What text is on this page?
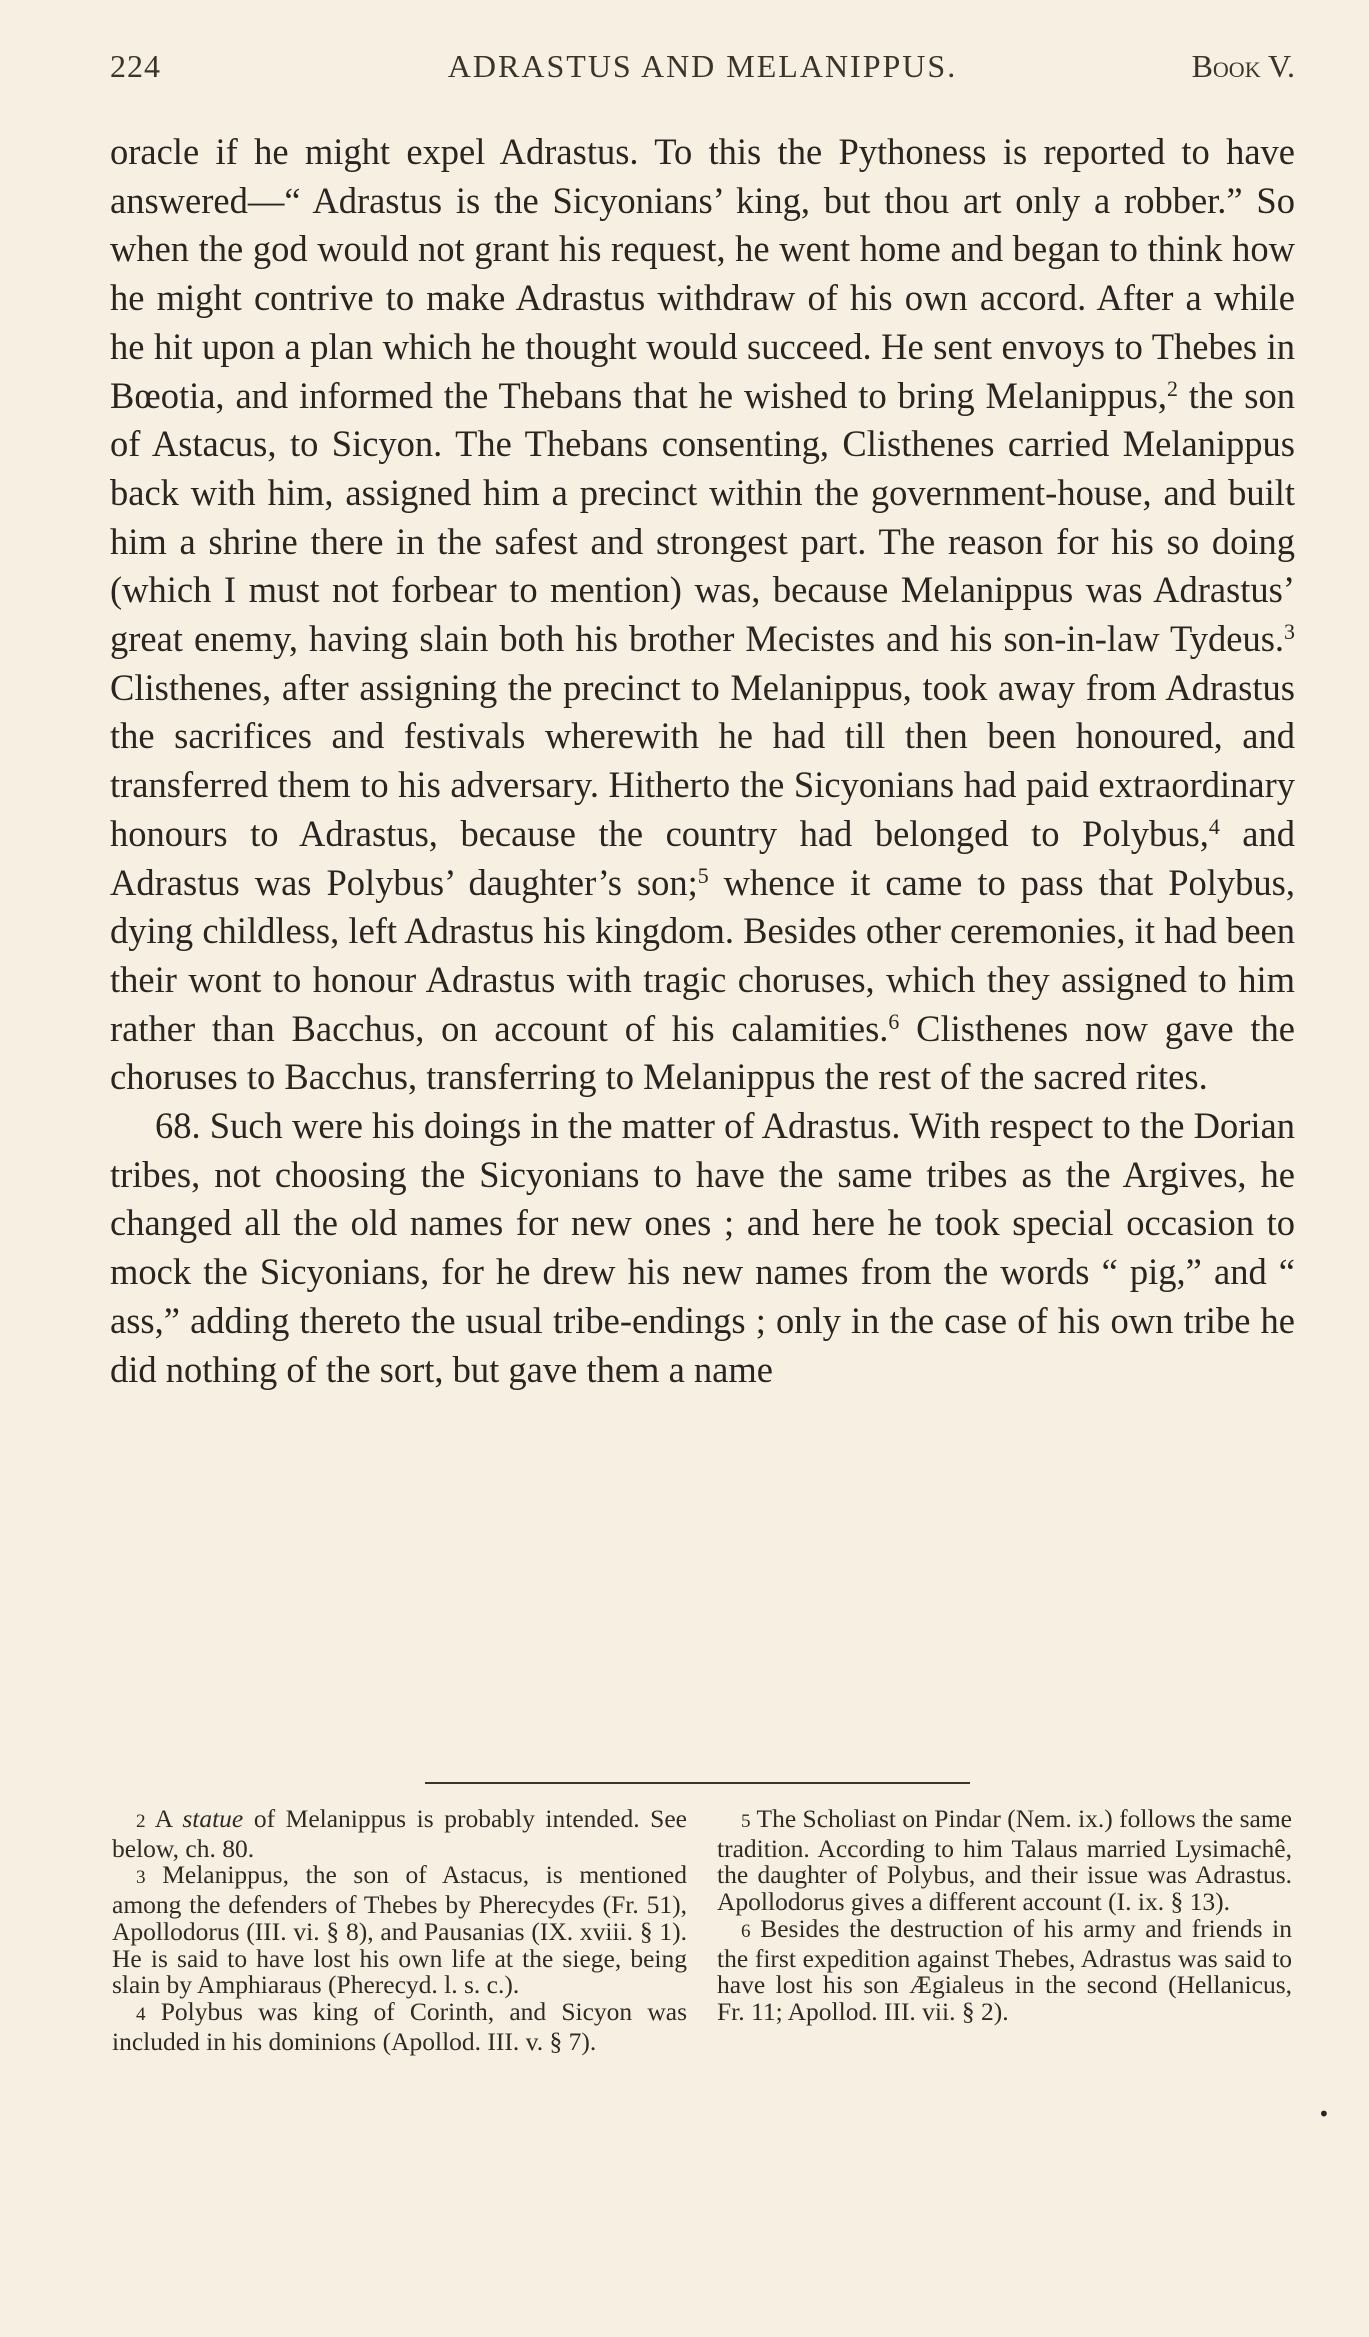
224	ADRASTUS AND MELANIPPUS.	Book V.

oracle if he might expel Adrastus. To this the Pythoness is reported to have answered—“ Adrastus is the Sicyonians’ king, but thou art only a robber.” So when the god would not grant his request, he went home and began to think how he might contrive to make Adrastus withdraw of his own accord. After a while he hit upon a plan which he thought would succeed. He sent envoys to Thebes in Bœotia, and informed the Thebans that he wished to bring Melanippus,$^2$ the son of Astacus, to Sicyon. The Thebans consenting, Clisthenes carried Melanippus back with him, assigned him a precinct within the government-house, and built him a shrine there in the safest and strongest part. The reason for his so doing (which I must not forbear to mention) was, because Melanippus was Adrastus’ great enemy, having slain both his brother Mecistes and his son-in-law Tydeus.$^3$ Clisthenes, after assigning the precinct to Melanippus, took away from Adrastus the sacrifices and festivals wherewith he had till then been honoured, and transferred them to his adversary. Hitherto the Sicyonians had paid extraordinary honours to Adrastus, because the country had belonged to Polybus,$^4$ and Adrastus was Polybus’ daughter’s son;$^5$ whence it came to pass that Polybus, dying childless, left Adrastus his kingdom. Besides other ceremonies, it had been their wont to honour Adrastus with tragic choruses, which they assigned to him rather than Bacchus, on account of his calamities.$^6$ Clisthenes now gave the choruses to Bacchus, transferring to Melanippus the rest of the sacred rites.

68. Such were his doings in the matter of Adrastus. With respect to the Dorian tribes, not choosing the Sicyonians to have the same tribes as the Argives, he changed all the old names for new ones ; and here he took special occasion to mock the Sicyonians, for he drew his new names from the words “ pig,” and “ ass,” adding thereto the usual tribe-endings ; only in the case of his own tribe he did nothing of the sort, but gave them a name

2 A statue of Melanippus is probably intended. See below, ch. 80.

3 Melanippus, the son of Astacus, is mentioned among the defenders of Thebes by Pherecydes (Fr. 51), Apollodorus (III. vi. § 8), and Pausanias (IX. xviii. § 1). He is said to have lost his own life at the siege, being slain by Amphiaraus (Pherecyd. l. s. c.).

4 Polybus was king of Corinth, and Sicyon was included in his dominions (Apollod. III. v. § 7).

5 The Scholiast on Pindar (Nem. ix.) follows the same tradition. According to him Talaus married Lysimachê, the daughter of Polybus, and their issue was Adrastus. Apollodorus gives a different account (I. ix. § 13).

6 Besides the destruction of his army and friends in the first expedition against Thebes, Adrastus was said to have lost his son Ægialeus in the second (Hellanicus, Fr. 11; Apollod. III. vii. § 2).

•
